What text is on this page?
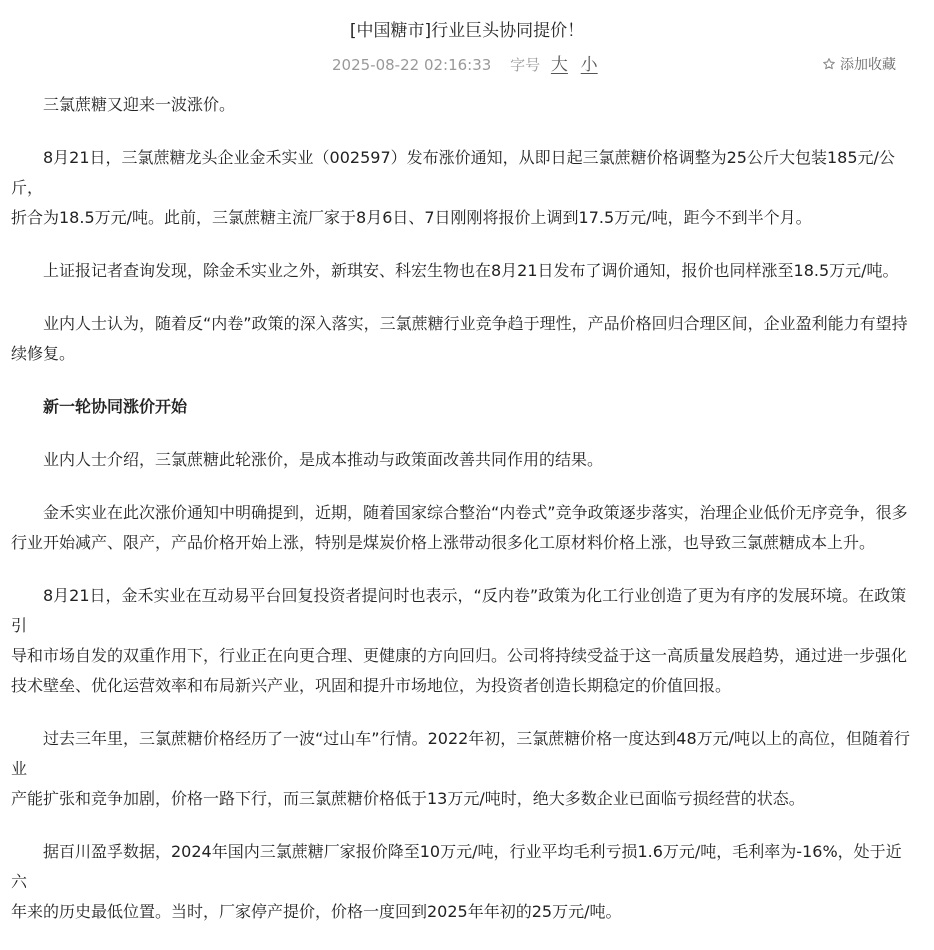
[中国糖市]行业巨头协同提价！
2025-08-22 02:16:33 字号 大 小	添加收藏

三氯蔗糖又迎来一波涨价。

8月21日，三氯蔗糖龙头企业金禾实业（002597）发布涨价通知，从即日起三氯蔗糖价格调整为25公斤大包装185元/公斤，
折合为18.5万元/吨。此前，三氯蔗糖主流厂家于8月6日、7日刚刚将报价上调到17.5万元/吨，距今不到半个月。

上证报记者查询发现，除金禾实业之外，新琪安、科宏生物也在8月21日发布了调价通知，报价也同样涨至18.5万元/吨。

业内人士认为，随着反“内卷”政策的深入落实，三氯蔗糖行业竞争趋于理性，产品价格回归合理区间，企业盈利能力有望持
续修复。

新一轮协同涨价开始

业内人士介绍，三氯蔗糖此轮涨价，是成本推动与政策面改善共同作用的结果。

金禾实业在此次涨价通知中明确提到，近期，随着国家综合整治“内卷式”竞争政策逐步落实，治理企业低价无序竞争，很多
行业开始减产、限产，产品价格开始上涨，特别是煤炭价格上涨带动很多化工原材料价格上涨，也导致三氯蔗糖成本上升。

8月21日，金禾实业在互动易平台回复投资者提问时也表示，“反内卷”政策为化工行业创造了更为有序的发展环境。在政策引
导和市场自发的双重作用下，行业正在向更合理、更健康的方向回归。公司将持续受益于这一高质量发展趋势，通过进一步强化
技术壁垒、优化运营效率和布局新兴产业，巩固和提升市场地位，为投资者创造长期稳定的价值回报。

过去三年里，三氯蔗糖价格经历了一波“过山车”行情。2022年初，三氯蔗糖价格一度达到48万元/吨以上的高位，但随着行业
产能扩张和竞争加剧，价格一路下行，而三氯蔗糖价格低于13万元/吨时，绝大多数企业已面临亏损经营的状态。

据百川盈孚数据，2024年国内三氯蔗糖厂家报价降至10万元/吨，行业平均毛利亏损1.6万元/吨，毛利率为-16%，处于近六
年来的历史最低位置。当时，厂家停产提价，价格一度回到2025年年初的25万元/吨。
